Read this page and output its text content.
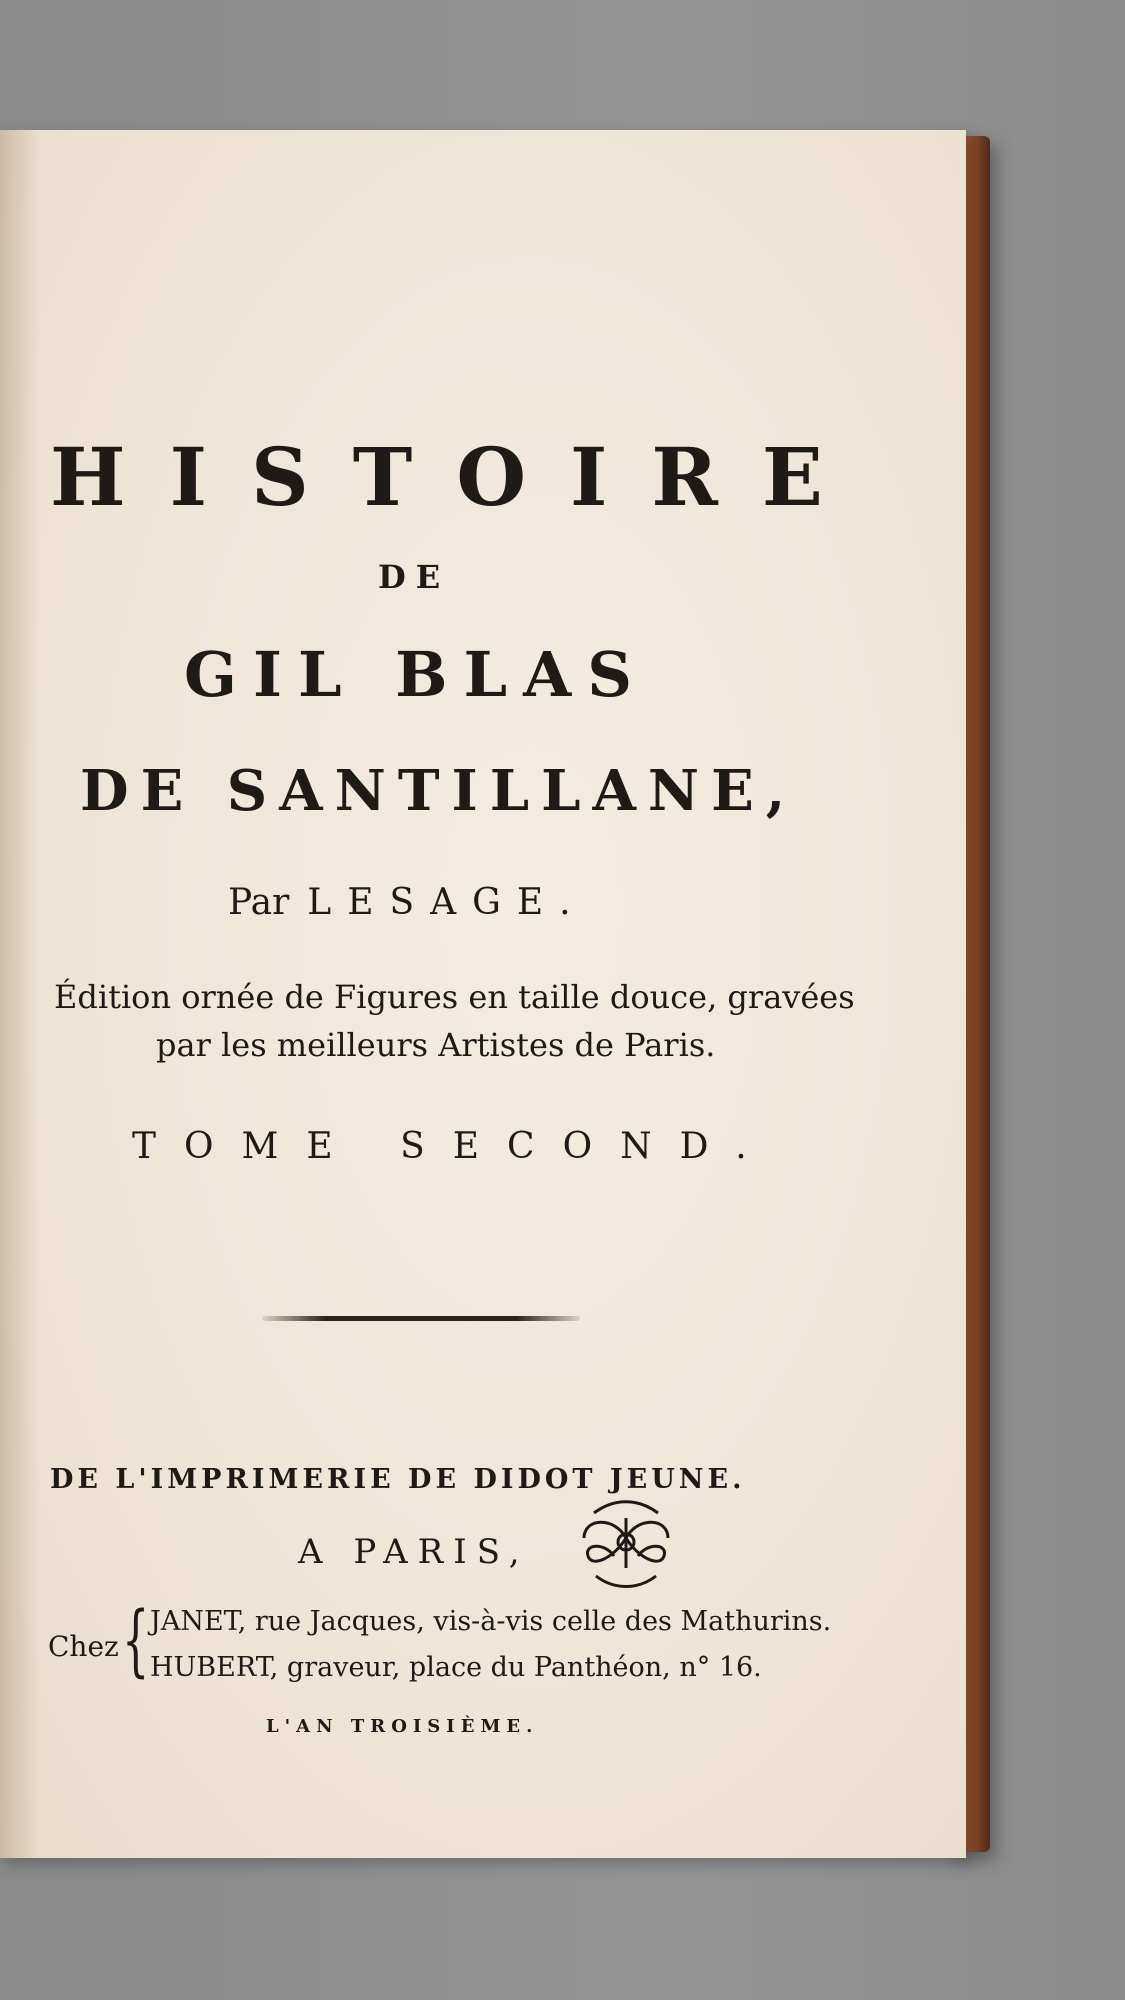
HISTOIRE
DE
GIL BLAS
DE SANTILLANE,
Par LESAGE.
Édition ornée de Figures en taille douce, gravées
par les meilleurs Artistes de Paris.
TOME SECOND.
DE L'IMPRIMERIE DE DIDOT JEUNE.
A PARIS,
Chez { JANET, rue Jacques, vis-à-vis celle des Mathurins.
HUBERT, graveur, place du Panthéon, n° 16.
L'AN TROISIÈME.
